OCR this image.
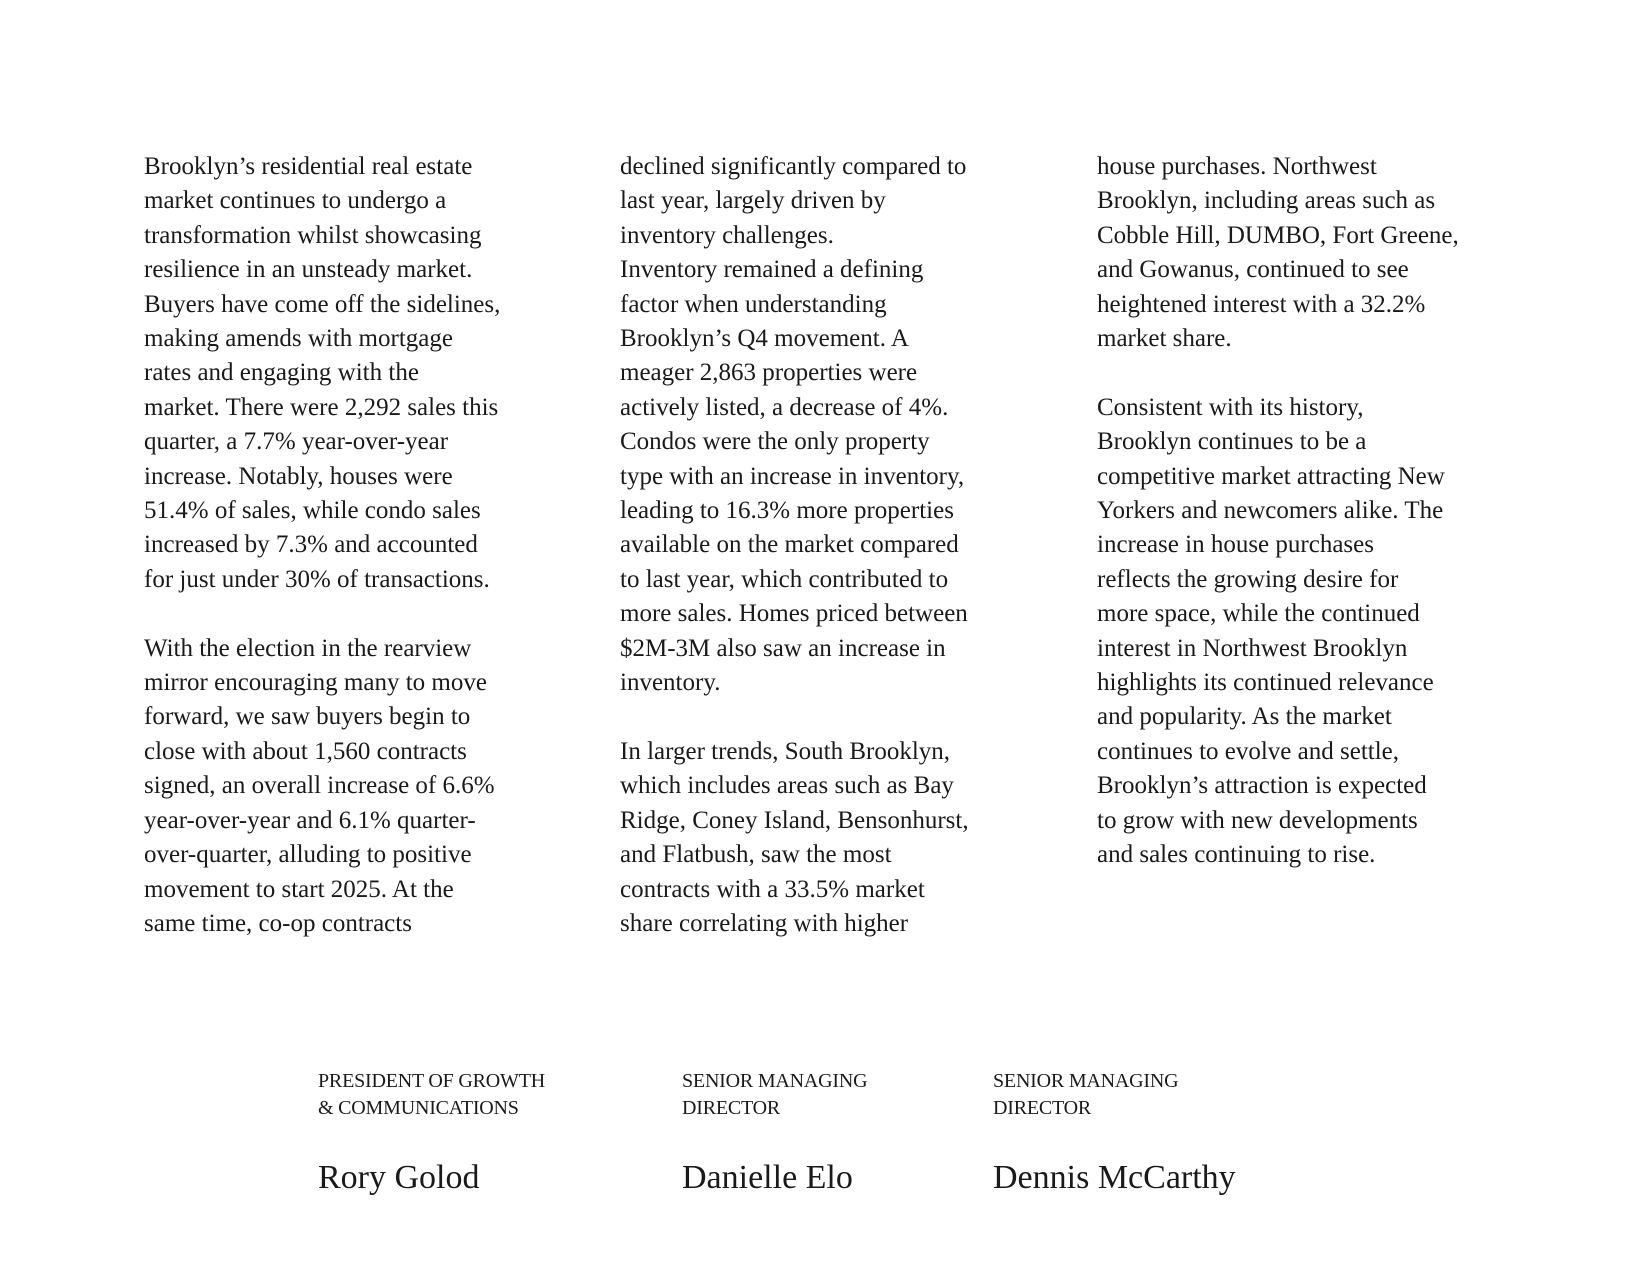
Brooklyn’s residential real estate
market continues to undergo a
transformation whilst showcasing
resilience in an unsteady market.
Buyers have come off the sidelines,
making amends with mortgage
rates and engaging with the
market. There were 2,292 sales this
quarter, a 7.7% year-over-year
increase. Notably, houses were
51.4% of sales, while condo sales
increased by 7.3% and accounted
for just under 30% of transactions.

With the election in the rearview
mirror encouraging many to move
forward, we saw buyers begin to
close with about 1,560 contracts
signed, an overall increase of 6.6%
year-over-year and 6.1% quarter-
over-quarter, alluding to positive
movement to start 2025. At the
same time, co-op contracts

declined significantly compared to
last year, largely driven by
inventory challenges.
Inventory remained a defining
factor when understanding
Brooklyn’s Q4 movement. A
meager 2,863 properties were
actively listed, a decrease of 4%.
Condos were the only property
type with an increase in inventory,
leading to 16.3% more properties
available on the market compared
to last year, which contributed to
more sales. Homes priced between
$2M-3M also saw an increase in
inventory.

In larger trends, South Brooklyn,
which includes areas such as Bay
Ridge, Coney Island, Bensonhurst,
and Flatbush, saw the most
contracts with a 33.5% market
share correlating with higher

house purchases. Northwest
Brooklyn, including areas such as
Cobble Hill, DUMBO, Fort Greene,
and Gowanus, continued to see
heightened interest with a 32.2%
market share.

Consistent with its history,
Brooklyn continues to be a
competitive market attracting New
Yorkers and newcomers alike. The
increase in house purchases
reflects the growing desire for
more space, while the continued
interest in Northwest Brooklyn
highlights its continued relevance
and popularity. As the market
continues to evolve and settle,
Brooklyn’s attraction is expected
to grow with new developments
and sales continuing to rise.

PRESIDENT OF GROWTH
& COMMUNICATIONS
Rory Golod
SENIOR MANAGING
DIRECTOR
Danielle Elo
SENIOR MANAGING
DIRECTOR
Dennis McCarthy
